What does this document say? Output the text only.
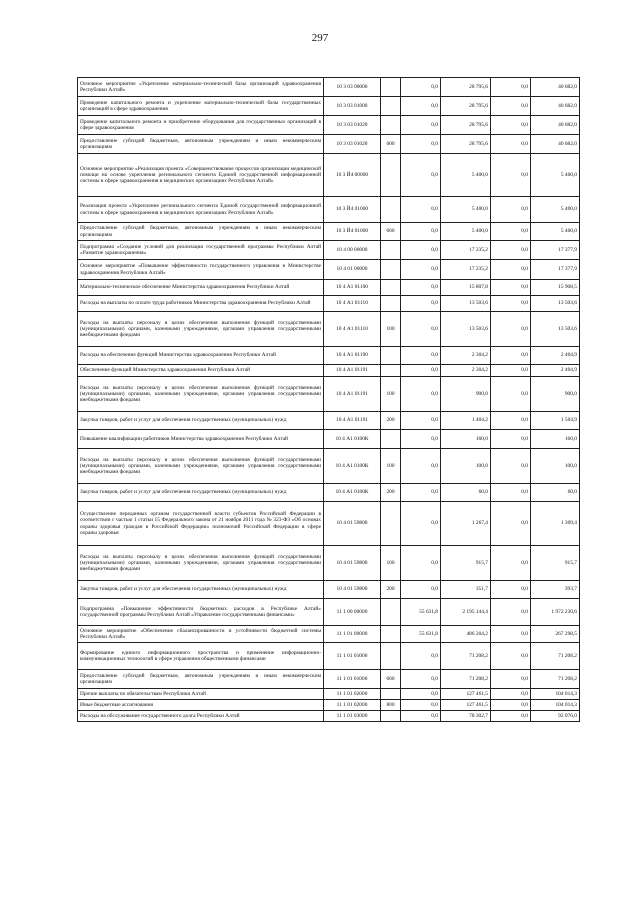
297
Основное мероприятие «Укрепление материально-технической базы организаций здравоохранения Республики Алтай»	10 3 03 00000		0,0	28 795,6	0,0	40 682,0
Проведение капитального ремонта и укрепление материально-технической базы государственных организаций в сфере здравоохранения	10 3 03 01000		0,0	28 795,6	0,0	40 682,0
Проведение капитального ремонта и приобретение оборудования для государственных организаций в сфере здравоохранения	10 3 03 01020		0,0	28 795,6	0,0	40 682,0
Предоставление субсидий бюджетным, автономным учреждениям и иным некоммерческим организациям	10 3 03 01020	600	0,0	28 795,6	0,0	40 682,0
Основное мероприятие «Реализация проекта «Совершенствование процессов организации медицинской помощи на основе укрепления регионального сегмента Единой государственной информационной системы в сфере здравоохранения в медицинских организациях Республики Алтай»	10 3 Й4 00000		0,0	5 400,0	0,0	5 400,0
Реализация проекта «Укрепление регионального сегмента Единой государственной информационной системы в сфере здравоохранения в медицинских организациях Республики Алтай»	10 3 Й4 01000		0,0	5 400,0	0,0	5 400,0
Предоставление субсидий бюджетным, автономным учреждениям и иным некоммерческим организациям	10 3 Й4 01000	600	0,0	5 400,0	0,0	5 400,0
Подпрограмма «Создание условий для реализации государственной программы Республики Алтай «Развитие здравоохранения»	10 4 00 00000		0,0	17 235,2	0,0	17 377,9
Основное мероприятие «Повышение эффективности государственного управления в Министерстве здравоохранения Республики Алтай»	10 4 01 00000		0,0	17 235,2	0,0	17 377,9
Материально-техническое обеспечение Министерства здравоохранения Республики Алтай	10 4 А1 01100		0,0	15 807,8	0,0	15 908,5
Расходы на выплаты по оплате труда работников Министерства здравоохранения Республики Алтай	10 4 А1 01110		0,0	13 503,6	0,0	13 503,6
Расходы на выплаты персоналу в целях обеспечения выполнения функций государственными (муниципальными) органами, казенными учреждениями, органами управления государственными внебюджетными фондами	10 4 А1 01110	100	0,0	13 503,6	0,0	13 503,6
Расходы на обеспечение функций Министерства здравоохранения Республики Алтай	10 4 А1 01190		0,0	2 304,2	0,0	2 404,9
Обеспечение функций Министерства здравоохранения Республики Алтай	10 4 А1 01191		0,0	2 304,2	0,0	2 404,9
Расходы на выплаты персоналу в целях обеспечения выполнения функций государственными (муниципальными) органами, казенными учреждениями, органами управления государственными внебюджетными фондами	10 4 А1 01191	100	0,0	900,0	0,0	900,0
Закупка товаров, работ и услуг для обеспечения государственных (муниципальных) нужд	10 4 А1 01191	200	0,0	1 404,2	0,0	1 504,9
Повышение квалификации работников Министерства здравоохранения Республики Алтай	10 4 А1 0100К		0,0	160,0	0,0	160,0
Расходы на выплаты персоналу в целях обеспечения выполнения функций государственными (муниципальными) органами, казенными учреждениями, органами управления государственными внебюджетными фондами	10 4 А1 0100К	100	0,0	100,0	0,0	100,0
Закупка товаров, работ и услуг для обеспечения государственных (муниципальных) нужд	10 4 А1 0100К	200	0,0	60,0	0,0	60,0
Осуществление переданных органам государственной власти субъектов Российской Федерации в соответствии с частью 1 статьи 15 Федерального закона от 21 ноября 2011 года № 323-ФЗ «Об основах охраны здоровья граждан в Российской Федерации» полномочий Российской Федерации в сфере охраны здоровья	10 4 01 59800		0,0	1 267,4	0,0	1 309,4
Расходы на выплаты персоналу в целях обеспечения выполнения функций государственными (муниципальными) органами, казенными учреждениями, органами управления государственными внебюджетными фондами	10 4 01 59800	100	0,0	915,7	0,0	915,7
Закупка товаров, работ и услуг для обеспечения государственных (муниципальных) нужд	10 4 01 59800	200	0,0	351,7	0,0	393,7
Подпрограмма «Повышение эффективности бюджетных расходов в Республике Алтай» государственной программы Республики Алтай «Управление государственными финансами»	11 1 00 00000		55 631,8	2 195 144,4	0,0	1 972 230,6
Основное мероприятие «Обеспечение сбалансированности и устойчивости бюджетной системы Республики Алтай»	11 1 01 00000		55 631,8	486 204,2	0,0	267 298,5
Формирование единого информационного пространства и применение информационно-коммуникационных технологий в сфере управления общественными финансами	11 1 01 01000		0,0	71 208,2	0,0	71 208,2
Предоставление субсидий бюджетным, автономным учреждениям и иным некоммерческим организациям	11 1 01 01000	600	0,0	71 208,2	0,0	71 208,2
Прочие выплаты по обязательствам Республики Алтай	11 1 01 02000		0,0	127 461,5	0,0	104 014,3
Иные бюджетные ассигнования	11 1 01 02000	800	0,0	127 461,5	0,0	104 014,3
Расходы на обслуживание государственного долга Республики Алтай	11 1 01 03000		0,0	78 302,7	0,0	92 076,0
